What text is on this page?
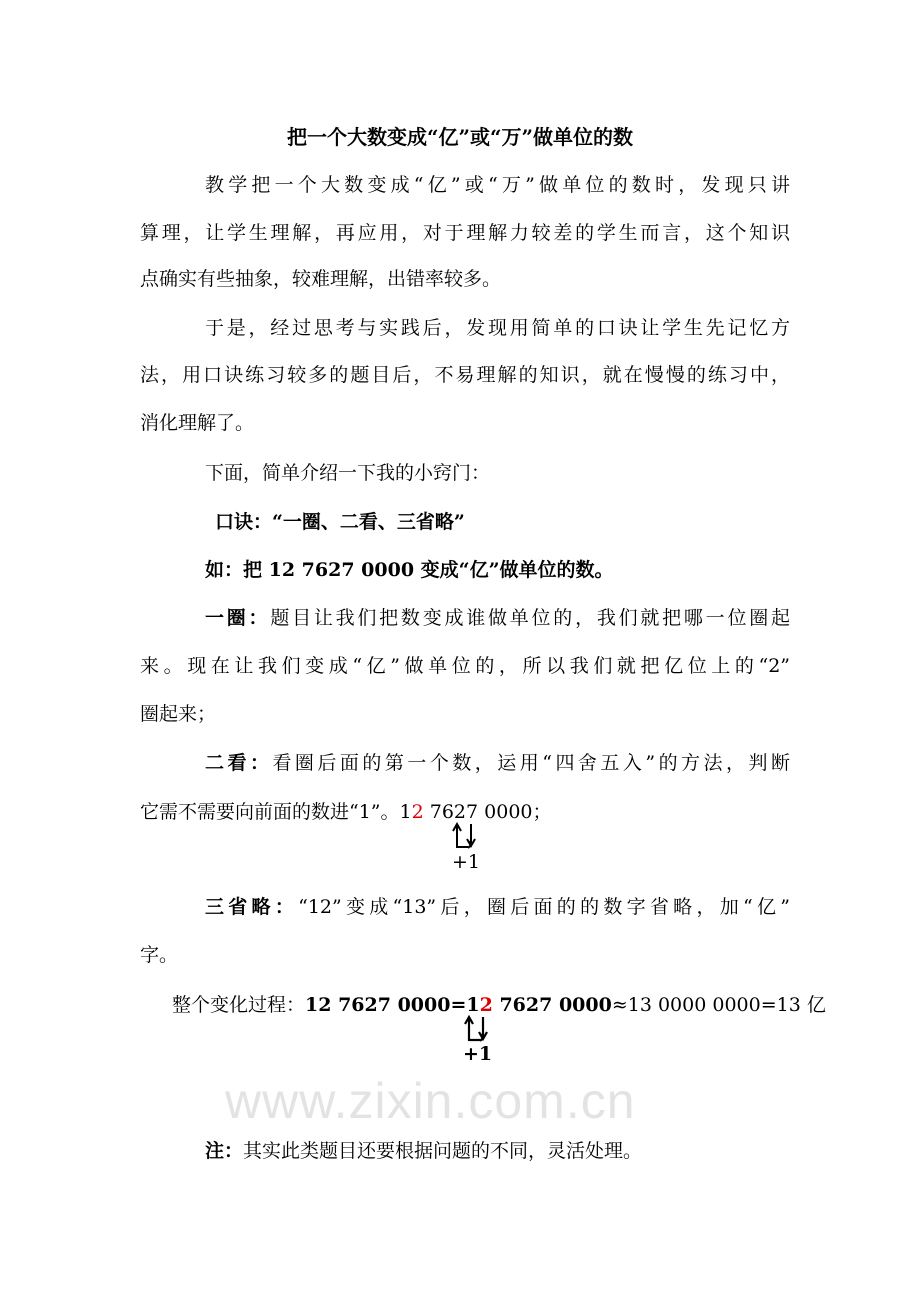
把一个大数变成“亿”或“万”做单位的数
教学把一个大数变成“亿”或“万”做单位的数时，发现只讲
算理，让学生理解，再应用，对于理解力较差的学生而言，这个知识
点确实有些抽象，较难理解，出错率较多。
于是，经过思考与实践后，发现用简单的口诀让学生先记忆方
法，用口诀练习较多的题目后，不易理解的知识，就在慢慢的练习中，
消化理解了。
下面，简单介绍一下我的小窍门：
口诀：“一圈、二看、三省略”
如：把 12 7627 0000 变成“亿”做单位的数。
一圈：题目让我们把数变成谁做单位的，我们就把哪一位圈起
来。现在让我们变成“亿”做单位的，所以我们就把亿位上的“2”
圈起来；
二看：看圈后面的第一个数，运用“四舍五入”的方法，判断
它需不需要向前面的数进“1”。12 7627 0000；
+1
三省略：“12”变成“13”后，圈后面的的数字省略，加“亿”
字。
整个变化过程：12 7627 0000=12 7627 0000≈13 0000 0000=13 亿
+1
www.zixin.com.cn
注：其实此类题目还要根据问题的不同，灵活处理。
